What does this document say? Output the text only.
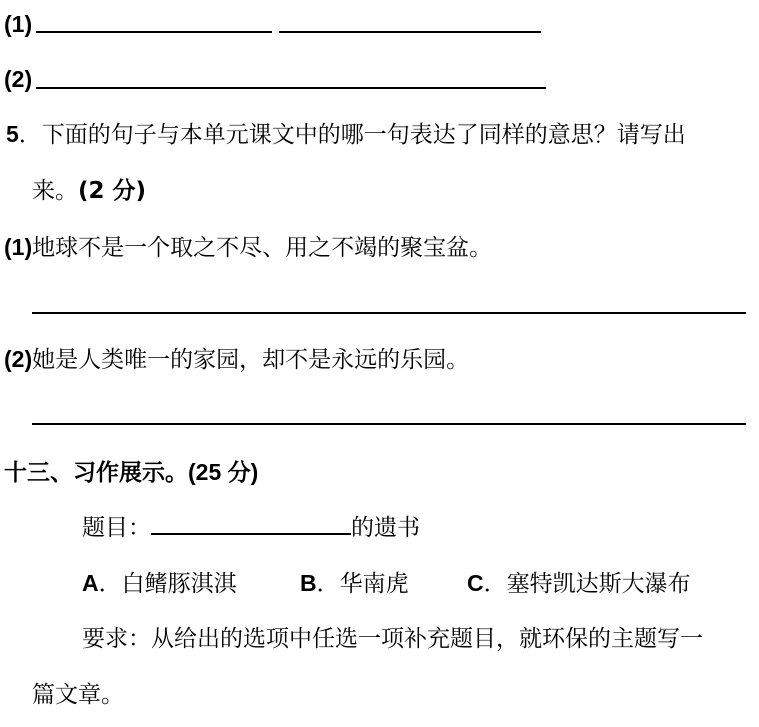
(1)
(2)
5．下面的句子与本单元课文中的哪一句表达了同样的意思？请写出
来。(2 分)
(1)地球不是一个取之不尽、用之不竭的聚宝盆。
(2)她是人类唯一的家园，却不是永远的乐园。
十三、习作展示。(25 分)
题目：	的遗书
A．白鳍豚淇淇	B．华南虎	C．塞特凯达斯大瀑布
要求：从给出的选项中任选一项补充题目，就环保的主题写一
篇文章。
